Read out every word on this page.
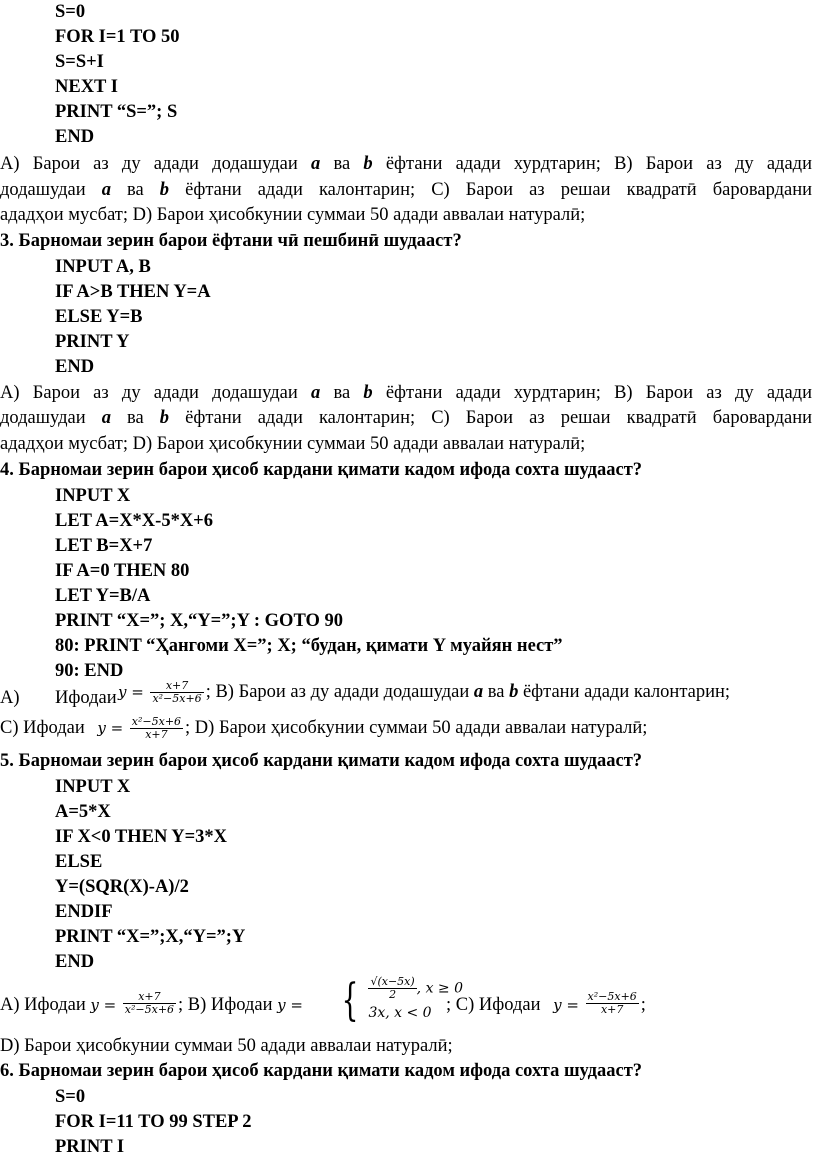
S=0
FOR I=1 TO 50
S=S+I
NEXT I
PRINT “S=”; S
END
A) Барои аз ду адади додашудаи a ва b ёфтани адади хурдтарин; B) Барои аз ду адади
додашудаи a ва b ёфтани адади калонтарин; C) Барои аз решаи квадратӣ баровардани
ададҳои мусбат; D) Барои ҳисобкунии суммаи 50 адади аввалаи натуралӣ;
3. Барномаи зерин барои ёфтани чӣ пешбинӣ шудааст?
INPUT A, B
IF A>B THEN Y=A
ELSE Y=B
PRINT Y
END
A) Барои аз ду адади додашудаи a ва b ёфтани адади хурдтарин; B) Барои аз ду адади
додашудаи a ва b ёфтани адади калонтарин; C) Барои аз решаи квадратӣ баровардани
ададҳои мусбат; D) Барои ҳисобкунии суммаи 50 адади аввалаи натуралӣ;
4. Барномаи зерин барои ҳисоб кардани қимати кадом ифода сохта шудааст?
INPUT X
LET A=X*X-5*X+6
LET B=X+7
IF A=0 THEN 80
LET Y=B/A
PRINT “X=”; X,“Y=”;Y : GOTO 90
80: PRINT “Ҳангоми X=”; X; “будан, қимати Y муайян нест”
90: END
A) Ифодаи $y = \frac{x+7}{\text{x²−5x+6}}$ ; B) Барои аз ду адади додашудаи a ва b ёфтани адади калонтарин;
C) Ифодаи $y = \frac{\text{x²−5x+6}}{x+7}$ ; D) Барои ҳисобкунии суммаи 50 адади аввалаи натуралӣ;
5. Барномаи зерин барои ҳисоб кардани қимати кадом ифода сохта шудааст?
INPUT X
A=5*X
IF X<0 THEN Y=3*X
ELSE
Y=(SQR(X)-A)/2
ENDIF
PRINT “X=”;X,“Y=”;Y
END
A) Ифодаи $y = \frac{x+7}{\text{x²−5x+6}}$ ; B) Ифодаи y = { $\frac{√(x-5x)}{2}$ , x ≥ 0
3x, x < 0 ; C) Ифодаи $y = \frac{\text{x²−5x+6}}{x+7}$ ;
D) Барои ҳисобкунии суммаи 50 адади аввалаи натуралӣ;
6. Барномаи зерин барои ҳисоб кардани қимати кадом ифода сохта шудааст?
S=0
FOR I=11 TO 99 STEP 2
PRINT I
